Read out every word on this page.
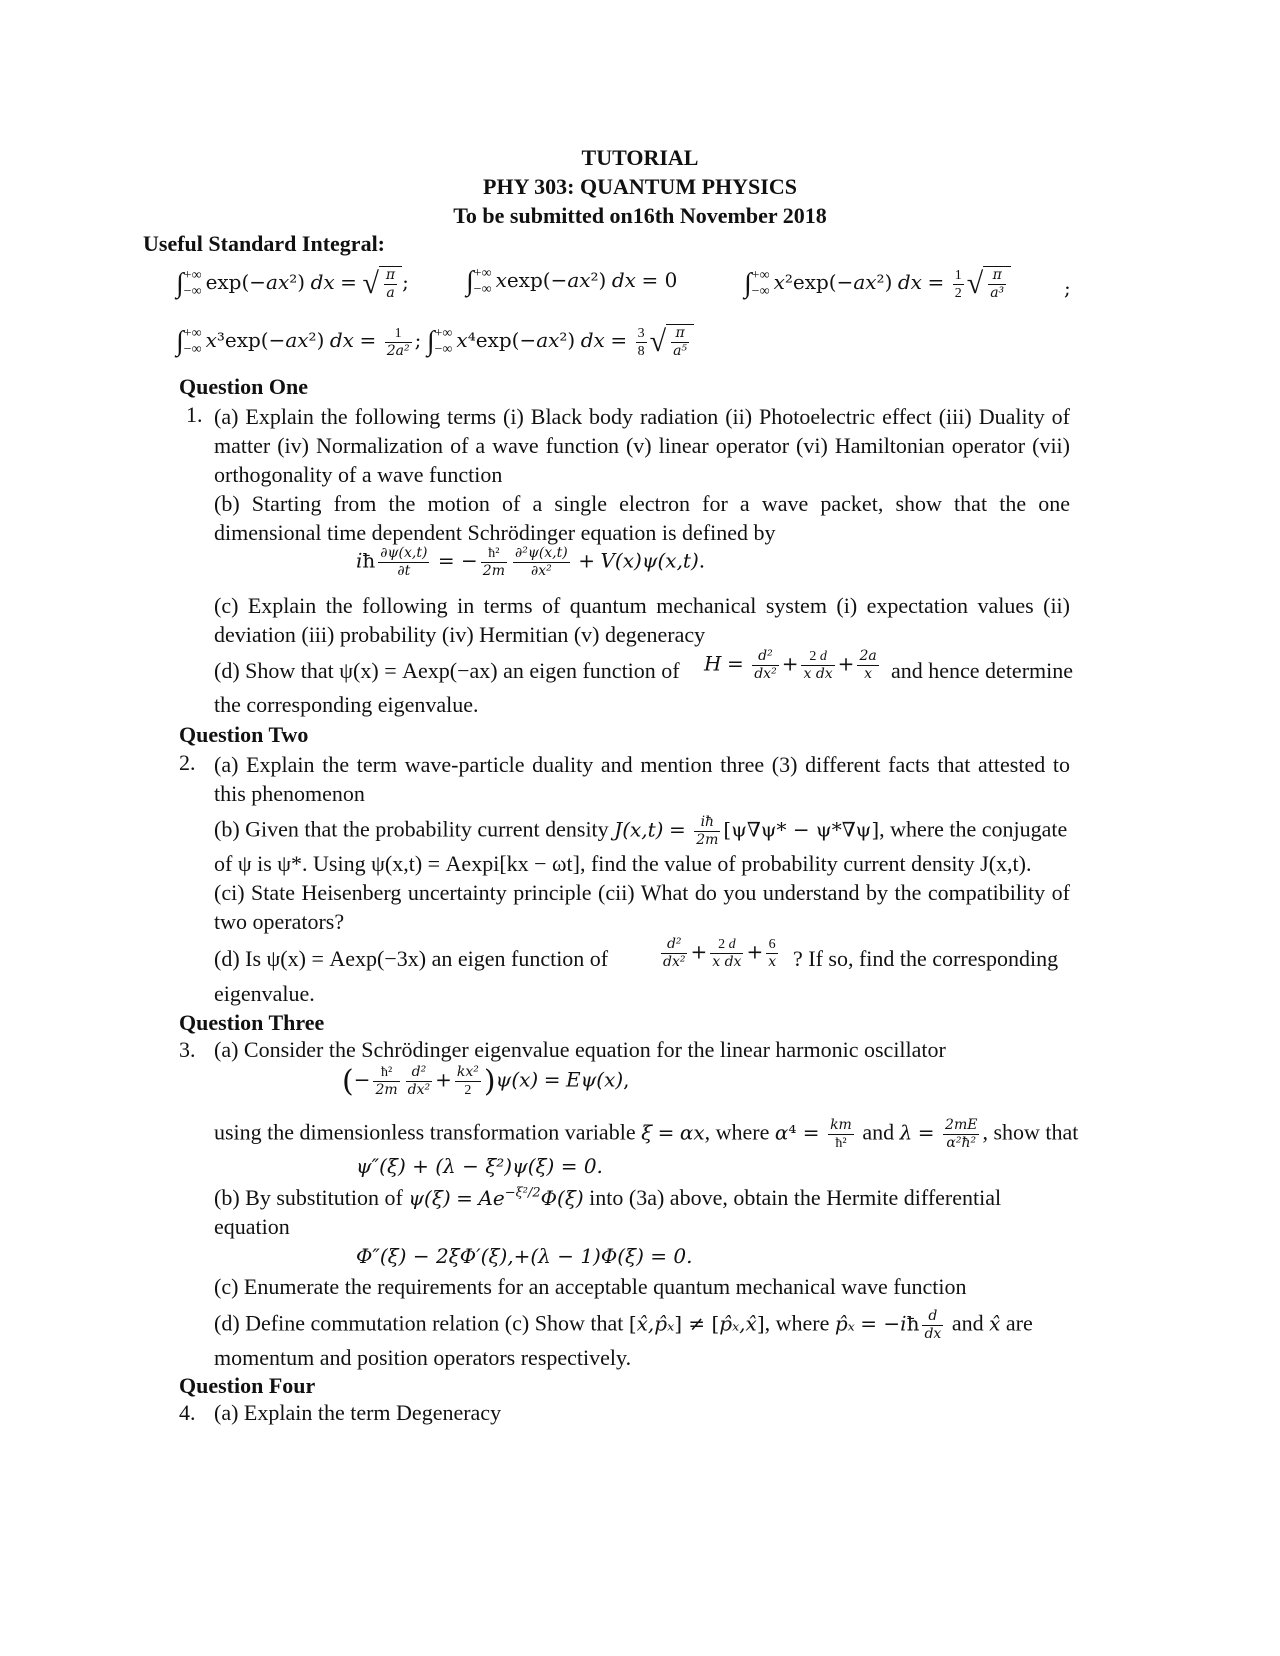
TUTORIAL
PHY 303: QUANTUM PHYSICS
To be submitted on16th November 2018
Useful Standard Integral:
∫ +∞
−∞ exp(−ax²) dx = √ $\frac{\pi}{a}$ ; ∫ +∞
−∞ xexp(−ax²) dx = 0 ∫ +∞
−∞ x²exp(−ax²) dx = $\frac{1}{2}$ √ $\frac{\pi}{\text{a³}}$	;
∫ +∞
−∞ x³exp(−ax²) dx = $\frac{1}{\text{2a²}}$ ; ∫ +∞
−∞ x⁴exp(−ax²) dx = $\frac{3}{8}$ √ $\frac{\pi}{\text{a⁵}}$
Question One
1. (a) Explain the following terms (i) Black body radiation (ii) Photoelectric effect (iii) Duality of matter (iv) Normalization of a wave function (v) linear operator (vi) Hamiltonian operator (vii) orthogonality of a wave function
(b) Starting from the motion of a single electron for a wave packet, show that the one dimensional time dependent Schrödinger equation is defined by
iħ $\frac{\partial\psi(x,t)}{\partial t}$ = − $\frac{\text{ħ²}}{2m} \frac{\text{∂²ψ(x,t)}}{\text{∂x²}} + V(x)\psi(x,t)$.
(c) Explain the following in terms of quantum mechanical system (i) expectation values (ii) deviation (iii) probability (iv) Hermitian (v) degeneracy
(d) Show that ψ(x) = Aexp(−ax) an eigen function of $H = \frac{\text{d²}}{\text{dx²}} + \frac{2 d}{\text{x dx}} + \frac{2a}{x}$ and hence determine
the corresponding eigenvalue.
Question Two
2. (a) Explain the term wave-particle duality and mention three (3) different facts that attested to this phenomenon
(b) Given that the probability current density $J(x,t) = \frac{iħ}{2m} [\psi\nabla\psi* - \psi*\nabla\psi]$, where the conjugate
of ψ is ψ*. Using ψ(x,t) = Aexpi[kx − ωt], find the value of probability current density J(x,t).
(ci) State Heisenberg uncertainty principle (cii) What do you understand by the compatibility of two operators?
(d) Is ψ(x) = Aexp(−3x) an eigen function of	$\frac{\text{d²}}{\text{dx²}} + \frac{2 d}{\text{x dx}} + \frac{6}{x}$ ? If so, find the corresponding
eigenvalue.
Question Three
3. (a) Consider the Schrödinger eigenvalue equation for the linear harmonic oscillator
(− $\frac{\text{ħ²}}{2m} \frac{\text{d²}}{\text{dx²}} + \frac{\text{kx²}}{2} )\psi(x) = E\psi(x)$,
using the dimensionless transformation variable ξ = αx, where $\alpha^4 = \frac{km}{\text{ħ²}}$ and $\lambda = \frac{2mE}{\text{α²ħ²}}$ , show that
ψ″(ξ) + (λ − ξ²)ψ(ξ) = 0.
(b) By substitution of $\psi(\xi) = Ae^{-\xi^2/2}\Phi(\xi)$ into (3a) above, obtain the Hermite differential
equation
Φ″(ξ) − 2ξΦ′(ξ),+(λ − 1)Φ(ξ) = 0.
(c) Enumerate the requirements for an acceptable quantum mechanical wave function
(d) Define commutation relation (c) Show that [x̂,p̂ₓ] ≠ [p̂ₓ,x̂], where p̂ₓ = −iħ $\frac{d}{dx}$ and x̂ are
momentum and position operators respectively.
Question Four
4. (a) Explain the term Degeneracy
